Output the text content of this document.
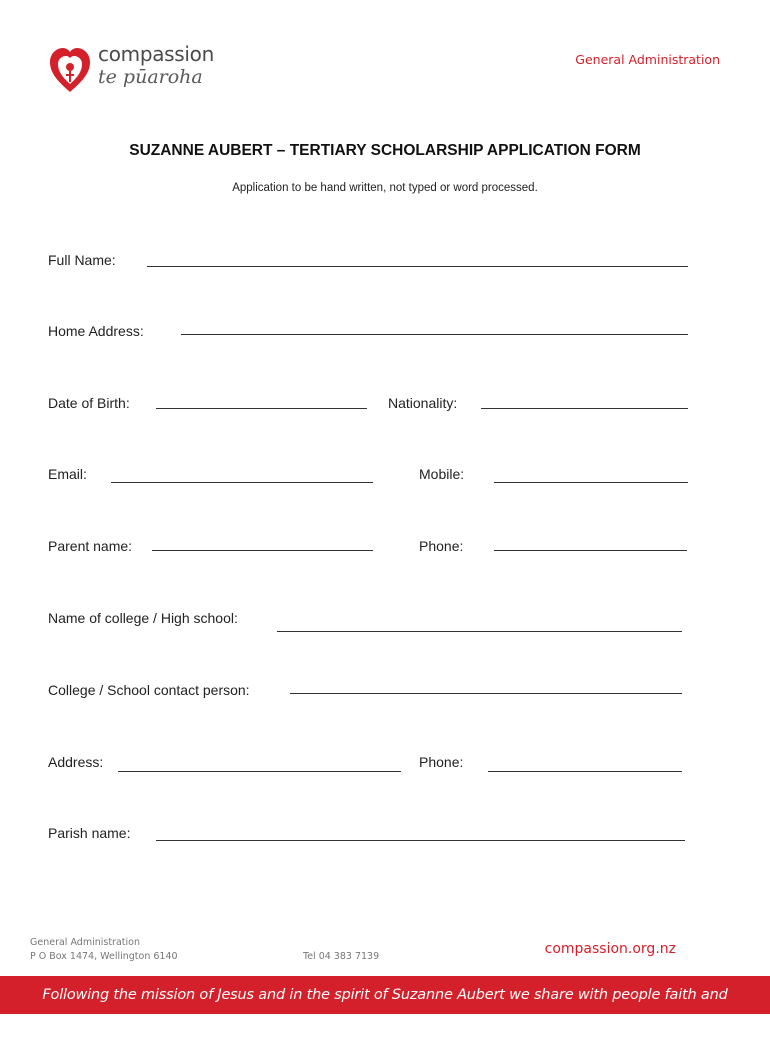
compassion
te pūaroha
General Administration
SUZANNE AUBERT – TERTIARY SCHOLARSHIP APPLICATION FORM
Application to be hand written, not typed or word processed.
Full Name:
Home Address:
Date of Birth:	Nationality:
Email:	Mobile:
Parent name:	Phone:
Name of college / High school:
College / School contact person:
Address:	Phone:
Parish name:
General Administration
P O Box 1474, Wellington 6140	Tel 04 383 7139	compassion.org.nz
Following the mission of Jesus and in the spirit of Suzanne Aubert we share with people faith and compassion
